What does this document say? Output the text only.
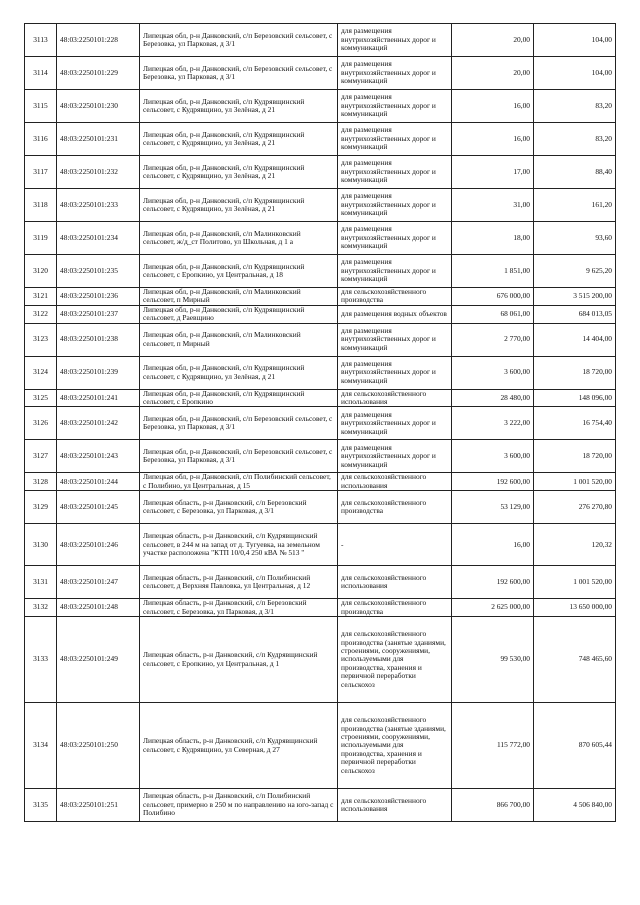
3113	48:03:2250101:228	Липецкая обл, р-н Данковский, с/п Березовский сельсовет, с Березовка, ул Парковая, д 3/1	для размещения внутрихозяйственных дорог и коммуникаций	20,00	104,00
3114	48:03:2250101:229	Липецкая обл, р-н Данковский, с/п Березовский сельсовет, с Березовка, ул Парковая, д 3/1	для размещения внутрихозяйственных дорог и коммуникаций	20,00	104,00
3115	48:03:2250101:230	Липецкая обл, р-н Данковский, с/п Кудрявщинский сельсовет, с Кудрявщино, ул Зелёная, д 21	для размещения внутрихозяйственных дорог и коммуникаций	16,00	83,20
3116	48:03:2250101:231	Липецкая обл, р-н Данковский, с/п Кудрявщинский сельсовет, с Кудрявщино, ул Зелёная, д 21	для размещения внутрихозяйственных дорог и коммуникаций	16,00	83,20
3117	48:03:2250101:232	Липецкая обл, р-н Данковский, с/п Кудрявщинский сельсовет, с Кудрявщино, ул Зелёная, д 21	для размещения внутрихозяйственных дорог и коммуникаций	17,00	88,40
3118	48:03:2250101:233	Липецкая обл, р-н Данковский, с/п Кудрявщинский сельсовет, с Кудрявщино, ул Зелёная, д 21	для размещения внутрихозяйственных дорог и коммуникаций	31,00	161,20
3119	48:03:2250101:234	Липецкая обл, р-н Данковский, с/п Малинковский сельсовет, ж/д_ст Политово, ул Школьная, д 1 а	для размещения внутрихозяйственных дорог и коммуникаций	18,00	93,60
3120	48:03:2250101:235	Липецкая обл, р-н Данковский, с/п Кудрявщинский сельсовет, с Еропкино, ул Центральная, д 18	для размещения внутрихозяйственных дорог и коммуникаций	1 851,00	9 625,20
3121	48:03:2250101:236	Липецкая обл, р-н Данковский, с/п Малинковский сельсовет, п Мирный	для сельскохозяйственного производства	676 000,00	3 515 200,00
3122	48:03:2250101:237	Липецкая обл, р-н Данковский, с/п Кудрявщинский сельсовет, д Раевщино	для размещения водных объектов	68 061,00	684 013,05
3123	48:03:2250101:238	Липецкая обл, р-н Данковский, с/п Малинковский сельсовет, п Мирный	для размещения внутрихозяйственных дорог и коммуникаций	2 770,00	14 404,00
3124	48:03:2250101:239	Липецкая обл, р-н Данковский, с/п Кудрявщинский сельсовет, с Кудрявщино, ул Зелёная, д 21	для размещения внутрихозяйственных дорог и коммуникаций	3 600,00	18 720,00
3125	48:03:2250101:241	Липецкая обл, р-н Данковский, с/п Кудрявщинский сельсовет, с Еропкино	для сельскохозяйственного использования	28 480,00	148 096,00
3126	48:03:2250101:242	Липецкая обл, р-н Данковский, с/п Березовский сельсовет, с Березовка, ул Парковая, д 3/1	для размещения внутрихозяйственных дорог и коммуникаций	3 222,00	16 754,40
3127	48:03:2250101:243	Липецкая обл, р-н Данковский, с/п Березовский сельсовет, с Березовка, ул Парковая, д 3/1	для размещения внутрихозяйственных дорог и коммуникаций	3 600,00	18 720,00
3128	48:03:2250101:244	Липецкая обл, р-н Данковский, с/п Полибинский сельсовет, с Полибино, ул Центральная, д 15	для сельскохозяйственного использования	192 600,00	1 001 520,00
3129	48:03:2250101:245	Липецкая область, р-н Данковский, с/п Березовский сельсовет, с Березовка, ул Парковая, д 3/1	для сельскохозяйственного производства	53 129,00	276 270,80
3130	48:03:2250101:246	Липецкая область, р-н Данковский, с/п Кудрявщинский сельсовет, в 244 м на запад от д. Тугуевка, на земельном участке расположена "КТП 10/0,4 250 кВА № 513 "	-	16,00	120,32
3131	48:03:2250101:247	Липецкая область, р-н Данковский, с/п Полибинский сельсовет, д Верхняя Павловка, ул Центральная, д 12	для сельскохозяйственного использования	192 600,00	1 001 520,00
3132	48:03:2250101:248	Липецкая область, р-н Данковский, с/п Березовский сельсовет, с Березовка, ул Парковая, д 3/1	для сельскохозяйственного производства	2 625 000,00	13 650 000,00
3133	48:03:2250101:249	Липецкая область, р-н Данковский, с/п Кудрявщинский сельсовет, с Еропкино, ул Центральная, д 1	для сельскохозяйственного производства (занятые зданиями, строениями, сооружениями, используемыми для производства, хранения и первичной переработки сельскохоз	99 530,00	748 465,60
3134	48:03:2250101:250	Липецкая область, р-н Данковский, с/п Кудрявщинский сельсовет, с Кудрявщино, ул Северная, д 27	для сельскохозяйственного производства (занятые зданиями, строениями, сооружениями, используемыми для производства, хранения и первичной переработки сельскохоз	115 772,00	870 605,44
3135	48:03:2250101:251	Липецкая область, р-н Данковский, с/п Полибинский сельсовет, примерно в 250 м по направлению на юго-запад с Полибино	для сельскохозяйственного использования	866 700,00	4 506 840,00
